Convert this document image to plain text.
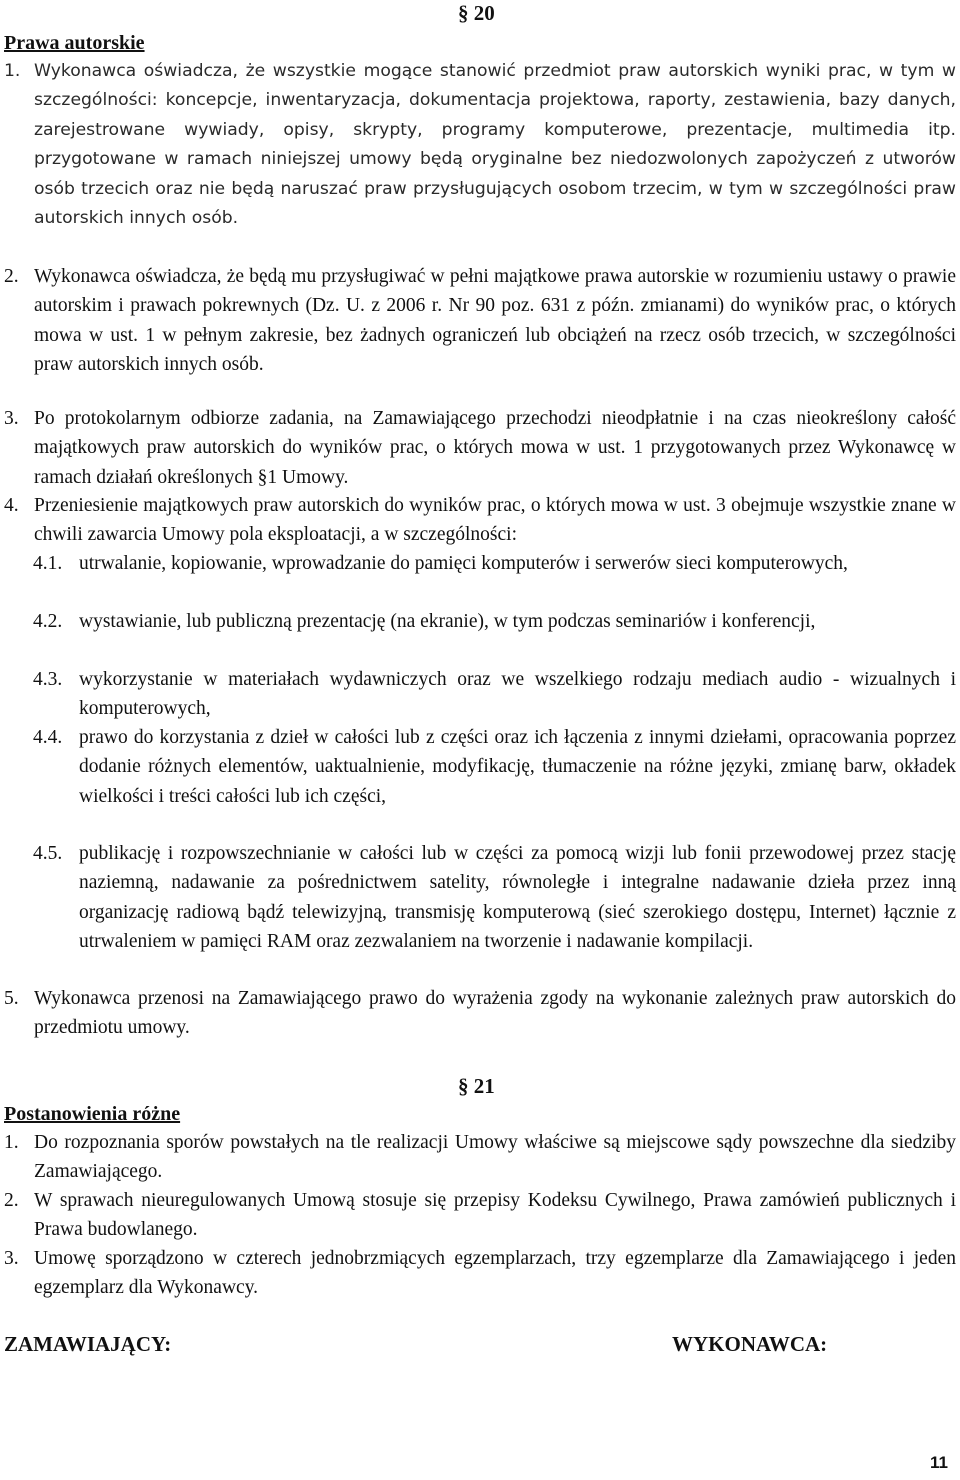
§ 20
Prawa autorskie
1. Wykonawca oświadcza, że wszystkie mogące stanowić przedmiot praw autorskich wyniki prac, w tym w szczególności: koncepcje, inwentaryzacja, dokumentacja projektowa, raporty, zestawienia, bazy danych, zarejestrowane wywiady, opisy, skrypty, programy komputerowe, prezentacje, multimedia itp. przygotowane w ramach niniejszej umowy będą oryginalne bez niedozwolonych zapożyczeń z utworów osób trzecich oraz nie będą naruszać praw przysługujących osobom trzecim, w tym w szczególności praw autorskich innych osób.
2. Wykonawca oświadcza, że będą mu przysługiwać w pełni majątkowe prawa autorskie w rozumieniu ustawy o prawie autorskim i prawach pokrewnych (Dz. U. z 2006 r. Nr 90 poz. 631 z późn. zmianami) do wyników prac, o których mowa w ust. 1 w pełnym zakresie, bez żadnych ograniczeń lub obciążeń na rzecz osób trzecich, w szczególności praw autorskich innych osób.
3. Po protokolarnym odbiorze zadania, na Zamawiającego przechodzi nieodpłatnie i na czas nieokreślony całość majątkowych praw autorskich do wyników prac, o których mowa w ust. 1 przygotowanych przez Wykonawcę w ramach działań określonych §1 Umowy.
4. Przeniesienie majątkowych praw autorskich do wyników prac, o których mowa w ust. 3 obejmuje wszystkie znane w chwili zawarcia Umowy pola eksploatacji, a w szczególności:
4.1. utrwalanie, kopiowanie, wprowadzanie do pamięci komputerów i serwerów sieci komputerowych,
4.2. wystawianie, lub publiczną prezentację (na ekranie), w tym podczas seminariów i konferencji,
4.3. wykorzystanie w materiałach wydawniczych oraz we wszelkiego rodzaju mediach audio - wizualnych i komputerowych,
4.4. prawo do korzystania z dzieł w całości lub z części oraz ich łączenia z innymi dziełami, opracowania poprzez dodanie różnych elementów, uaktualnienie, modyfikację, tłumaczenie na różne języki, zmianę barw, okładek wielkości i treści całości lub ich części,
4.5. publikację i rozpowszechnianie w całości lub w części za pomocą wizji lub fonii przewodowej przez stację naziemną, nadawanie za pośrednictwem satelity, równoległe i integralne nadawanie dzieła przez inną organizację radiową bądź telewizyjną, transmisję komputerową (sieć szerokiego dostępu, Internet) łącznie z utrwaleniem w pamięci RAM oraz zezwalaniem na tworzenie i nadawanie kompilacji.
5. Wykonawca przenosi na Zamawiającego prawo do wyrażenia zgody na wykonanie zależnych praw autorskich do przedmiotu umowy.
§ 21
Postanowienia różne
1. Do rozpoznania sporów powstałych na tle realizacji Umowy właściwe są miejscowe sądy powszechne dla siedziby Zamawiającego.
2. W sprawach nieuregulowanych Umową stosuje się przepisy Kodeksu Cywilnego, Prawa zamówień publicznych i Prawa budowlanego.
3. Umowę sporządzono w czterech jednobrzmiących egzemplarzach, trzy egzemplarze dla Zamawiającego i jeden egzemplarz dla Wykonawcy.
ZAMAWIAJĄCY:	WYKONAWCA:
11
